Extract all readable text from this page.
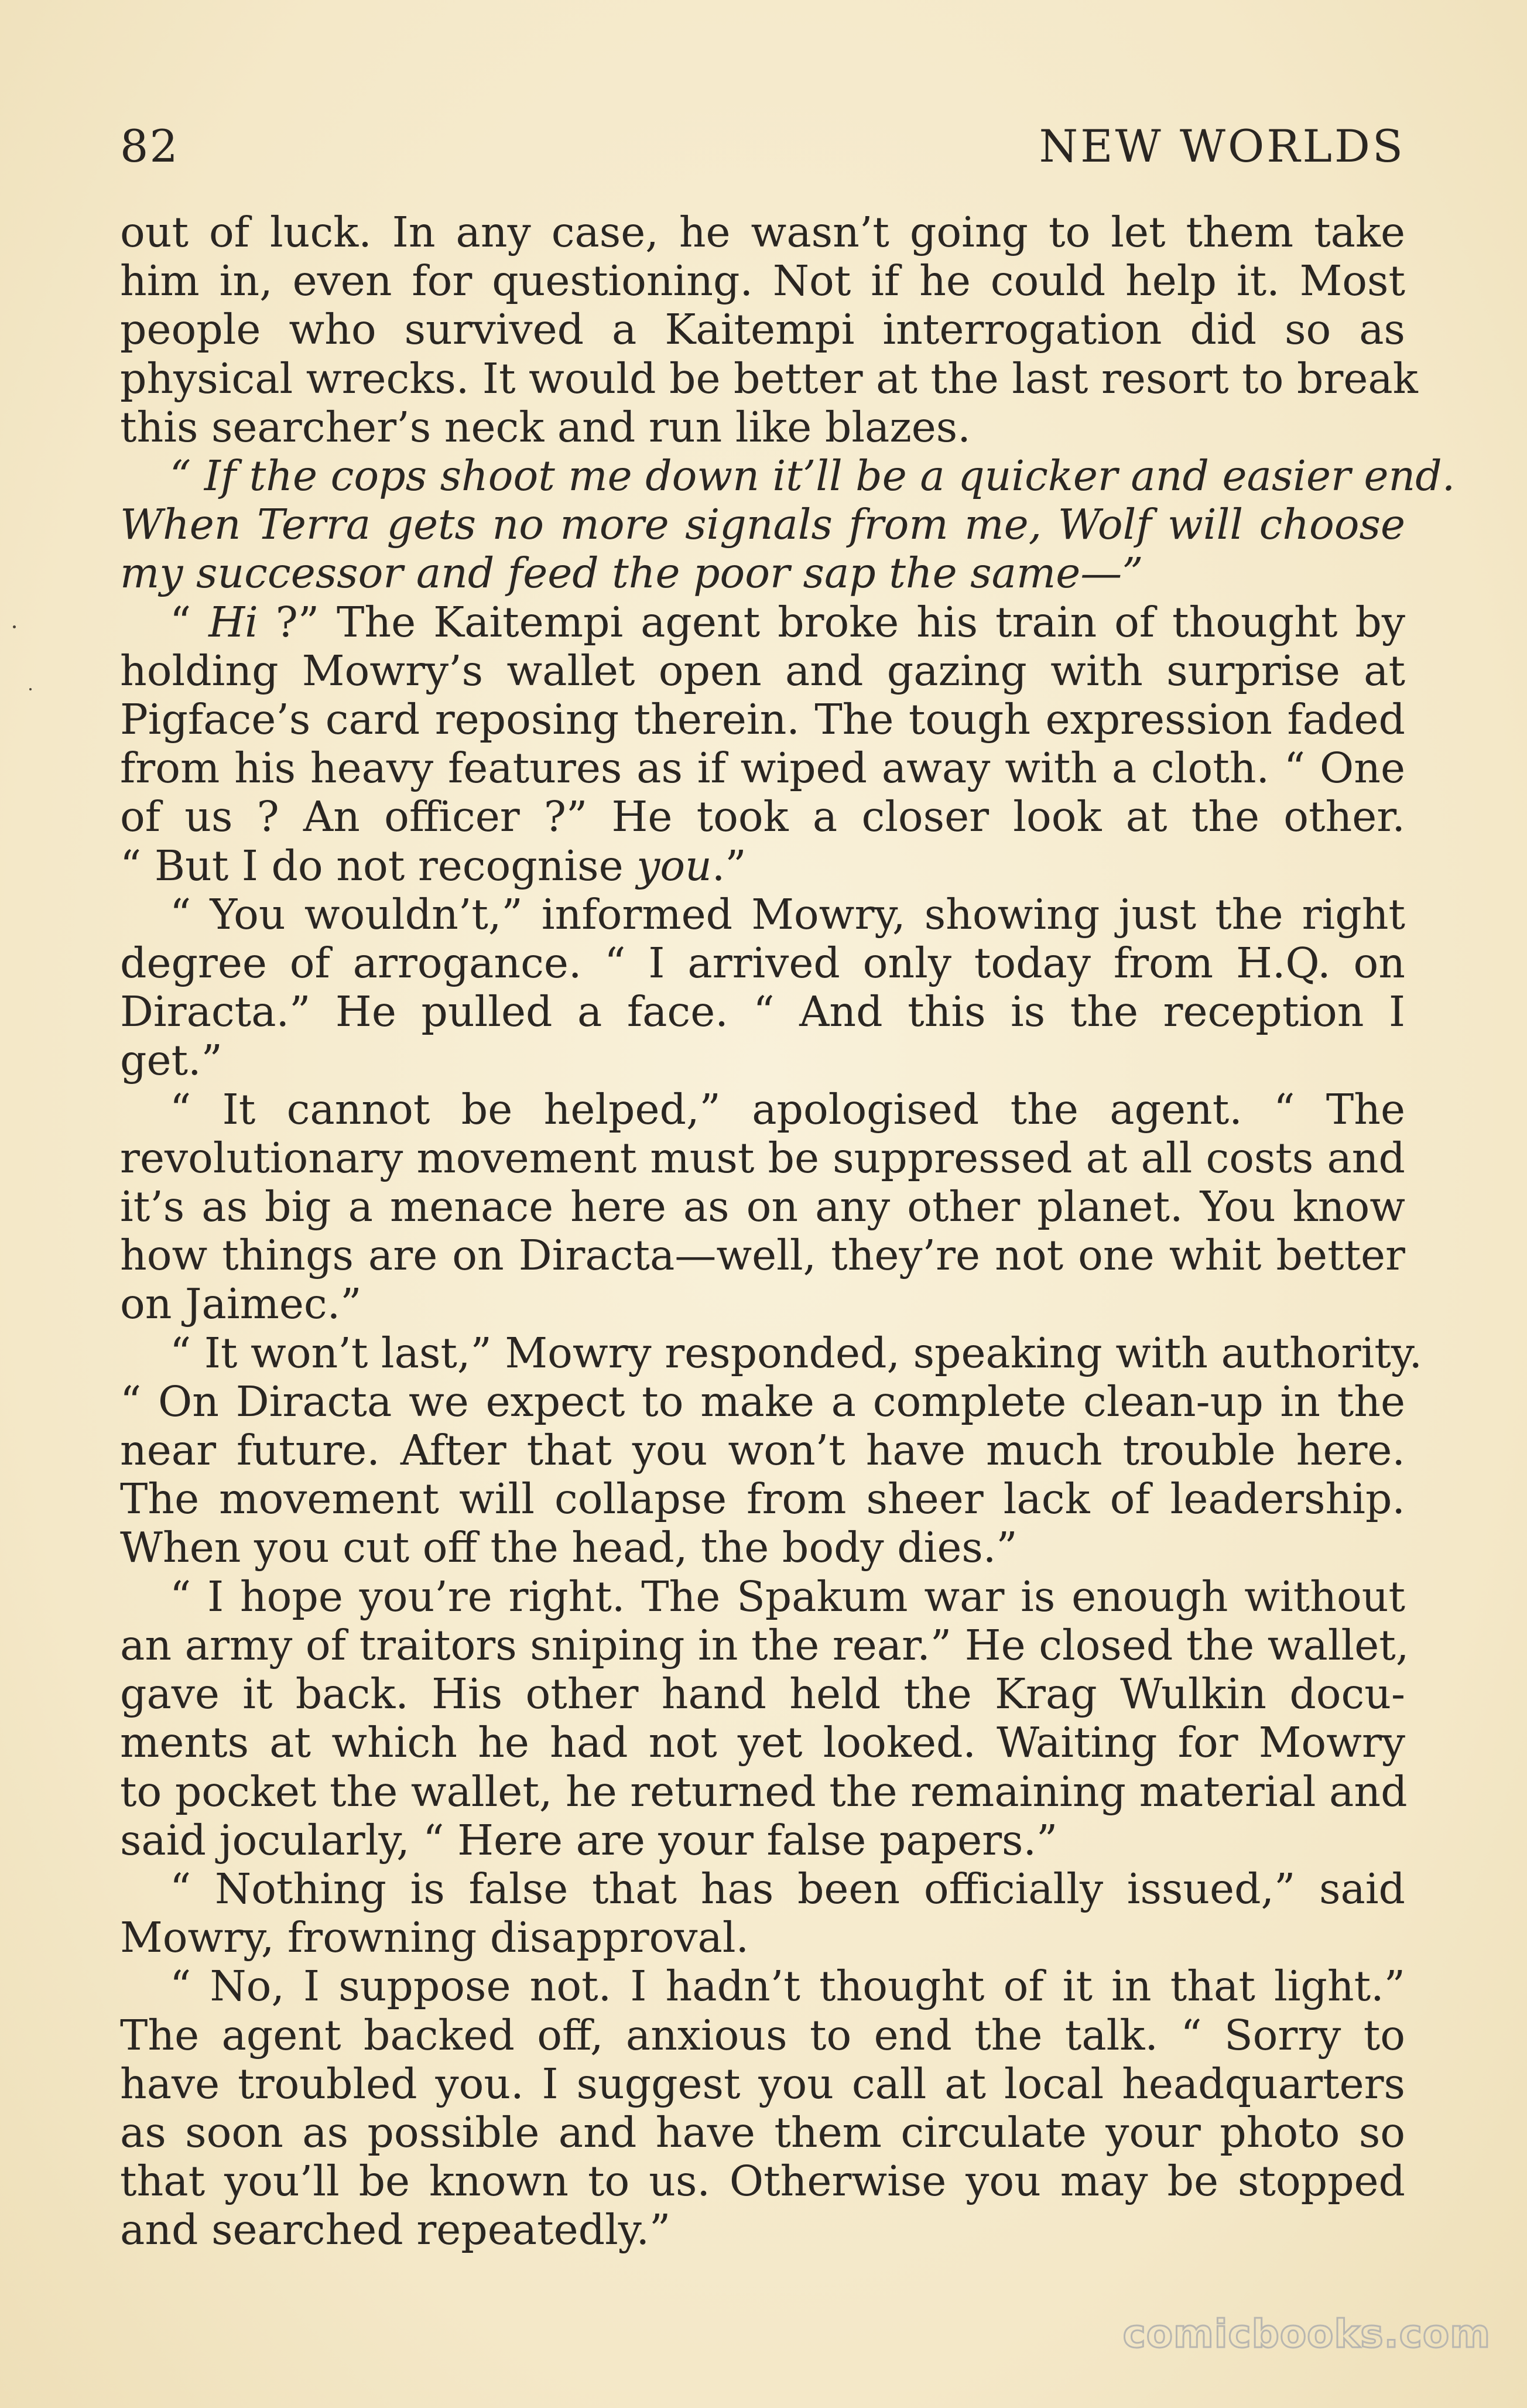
82	NEW WORLDS
out of luck. In any case, he wasn’t going to let them take
him in, even for questioning. Not if he could help it. Most
people who survived a Kaitempi interrogation did so as
physical wrecks. It would be better at the last resort to break
this searcher’s neck and run like blazes.
“ If the cops shoot me down it’ll be a quicker and easier end.
When Terra gets no more signals from me, Wolf will choose
my successor and feed the poor sap the same—”
“ Hi ?” The Kaitempi agent broke his train of thought by
holding Mowry’s wallet open and gazing with surprise at
Pigface’s card reposing therein. The tough expression faded
from his heavy features as if wiped away with a cloth. “ One
of us ? An officer ?” He took a closer look at the other.
“ But I do not recognise you.”
“ You wouldn’t,” informed Mowry, showing just the right
degree of arrogance. “ I arrived only today from H.Q. on
Diracta.” He pulled a face. “ And this is the reception I
get.”
“ It cannot be helped,” apologised the agent. “ The
revolutionary movement must be suppressed at all costs and
it’s as big a menace here as on any other planet. You know
how things are on Diracta—well, they’re not one whit better
on Jaimec.”
“ It won’t last,” Mowry responded, speaking with authority.
“ On Diracta we expect to make a complete clean-up in the
near future. After that you won’t have much trouble here.
The movement will collapse from sheer lack of leadership.
When you cut off the head, the body dies.”
“ I hope you’re right. The Spakum war is enough without
an army of traitors sniping in the rear.” He closed the wallet,
gave it back. His other hand held the Krag Wulkin docu-
ments at which he had not yet looked. Waiting for Mowry
to pocket the wallet, he returned the remaining material and
said jocularly, “ Here are your false papers.”
“ Nothing is false that has been officially issued,” said
Mowry, frowning disapproval.
“ No, I suppose not. I hadn’t thought of it in that light.”
The agent backed off, anxious to end the talk. “ Sorry to
have troubled you. I suggest you call at local headquarters
as soon as possible and have them circulate your photo so
that you’ll be known to us. Otherwise you may be stopped
and searched repeatedly.”
comicbooks.com
